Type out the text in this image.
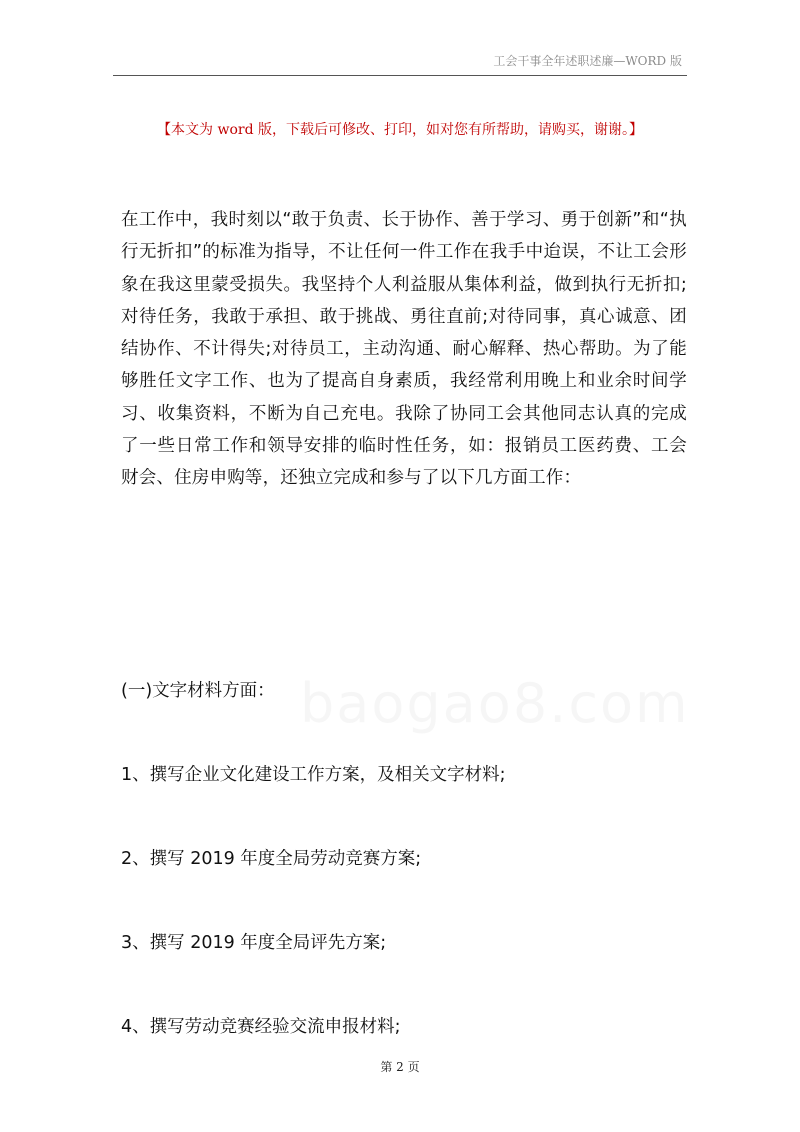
工会干事全年述职述廉—WORD 版
【本文为 word 版，下载后可修改、打印，如对您有所帮助，请购买，谢谢。】

在工作中，我时刻以“敢于负责、长于协作、善于学习、勇于创新”和“执行无折扣”的标准为指导，不让任何一件工作在我手中迨误，不让工会形象在我这里蒙受损失。我坚持个人利益服从集体利益，做到执行无折扣;对待任务，我敢于承担、敢于挑战、勇往直前;对待同事，真心诚意、团结协作、不计得失;对待员工，主动沟通、耐心解释、热心帮助。为了能够胜任文字工作、也为了提高自身素质，我经常利用晚上和业余时间学习、收集资料，不断为自己充电。我除了协同工会其他同志认真的完成了一些日常工作和领导安排的临时性任务，如：报销员工医药费、工会财会、住房申购等，还独立完成和参与了以下几方面工作：

(一)文字材料方面：
1、撰写企业文化建设工作方案，及相关文字材料;
2、撰写 2019 年度全局劳动竞赛方案;
3、撰写 2019 年度全局评先方案;
4、撰写劳动竞赛经验交流申报材料;
第 2 页
